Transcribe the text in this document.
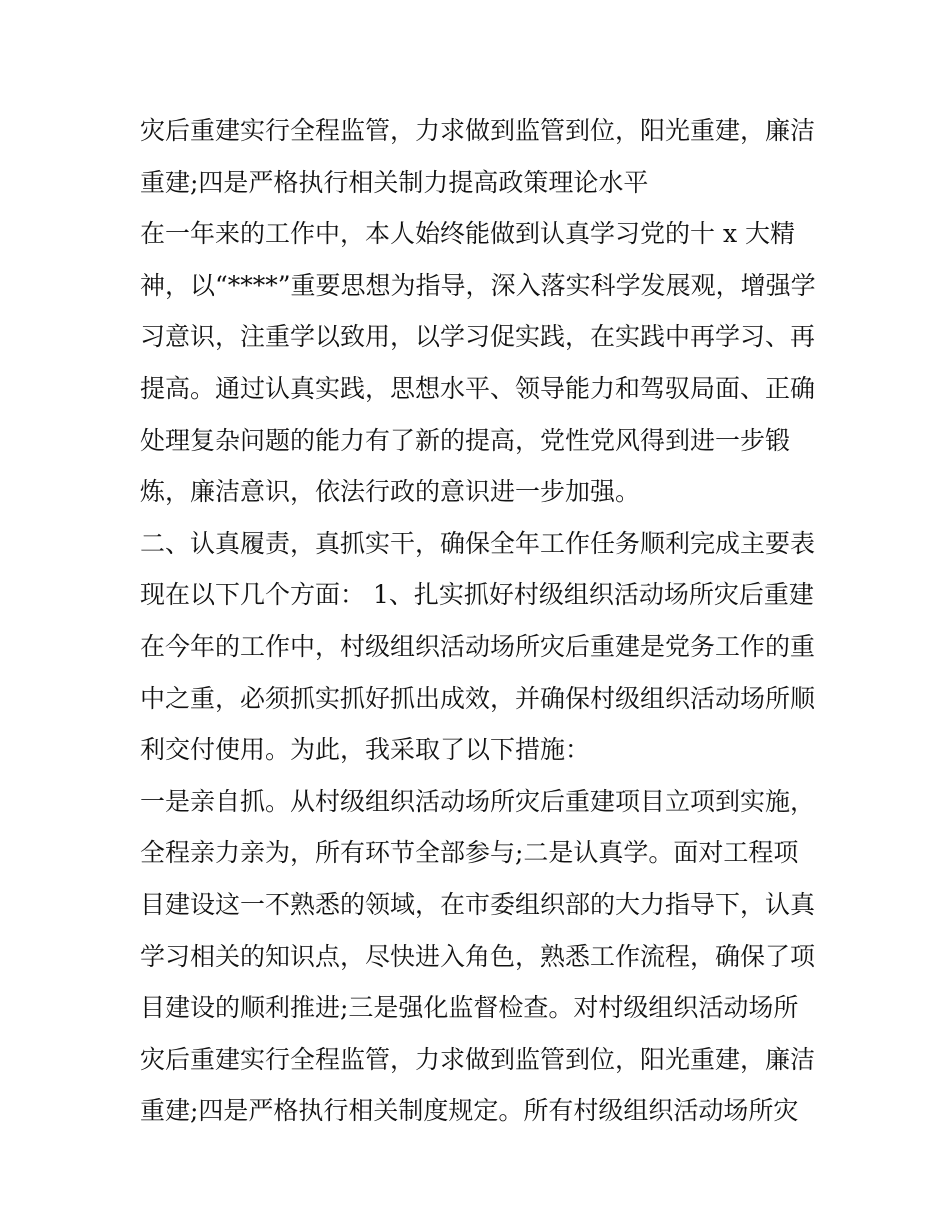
灾后重建实行全程监管，力求做到监管到位，阳光重建，廉洁

重建;四是严格执行相关制力提高政策理论水平

在一年来的工作中，本人始终能做到认真学习党的十 x 大精

神，以“****”重要思想为指导，深入落实科学发展观，增强学

习意识，注重学以致用，以学习促实践，在实践中再学习、再

提高。通过认真实践，思想水平、领导能力和驾驭局面、正确

处理复杂问题的能力有了新的提高，党性党风得到进一步锻

炼，廉洁意识，依法行政的意识进一步加强。

二、认真履责，真抓实干，确保全年工作任务顺利完成主要表

现在以下几个方面： 1、扎实抓好村级组织活动场所灾后重建

在今年的工作中，村级组织活动场所灾后重建是党务工作的重

中之重，必须抓实抓好抓出成效，并确保村级组织活动场所顺

利交付使用。为此，我采取了以下措施：

一是亲自抓。从村级组织活动场所灾后重建项目立项到实施，

全程亲力亲为，所有环节全部参与;二是认真学。面对工程项

目建设这一不熟悉的领域，在市委组织部的大力指导下，认真

学习相关的知识点，尽快进入角色，熟悉工作流程，确保了项

目建设的顺利推进;三是强化监督检查。对村级组织活动场所

灾后重建实行全程监管，力求做到监管到位，阳光重建，廉洁

重建;四是严格执行相关制度规定。所有村级组织活动场所灾
